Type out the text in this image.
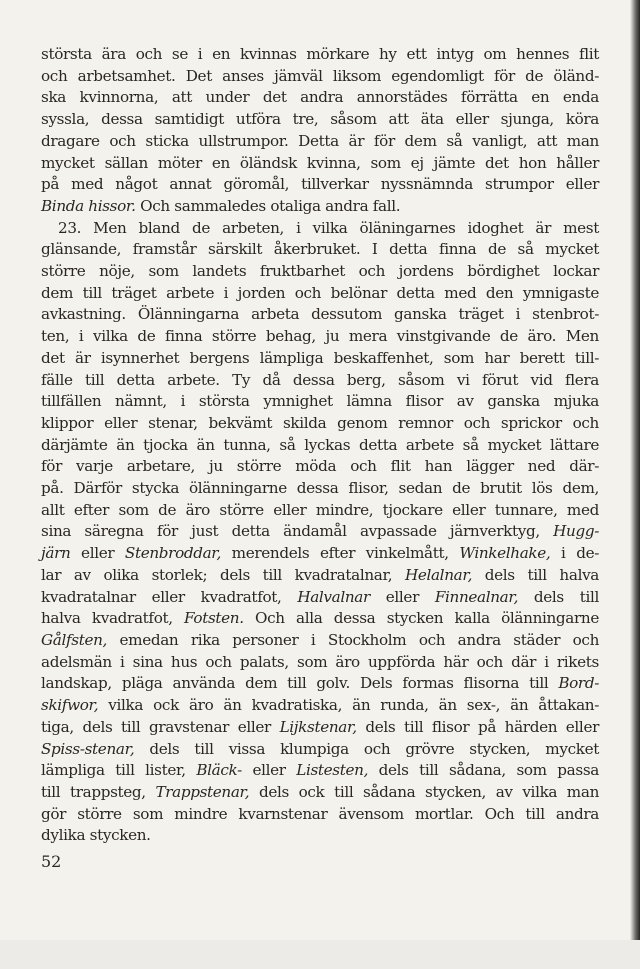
största ära och se i en kvinnas mörkare hy ett intyg om hennes flit
och arbetsamhet. Det anses jämväl liksom egendomligt för de öländ-
ska kvinnorna, att under det andra annorstädes förrätta en enda
syssla, dessa samtidigt utföra tre, såsom att äta eller sjunga, köra
dragare och sticka ullstrumpor. Detta är för dem så vanligt, att man
mycket sällan möter en öländsk kvinna, som ej jämte det hon håller
på med något annat göromål, tillverkar nyssnämnda strumpor eller
Binda hissor. Och sammaledes otaliga andra fall.
23. Men bland de arbeten, i vilka öläningarnes idoghet är mest
glänsande, framstår särskilt åkerbruket. I detta finna de så mycket
större nöje, som landets fruktbarhet och jordens bördighet lockar
dem till träget arbete i jorden och belönar detta med den ymnigaste
avkastning. Ölänningarna arbeta dessutom ganska träget i stenbrot-
ten, i vilka de finna större behag, ju mera vinstgivande de äro. Men
det är isynnerhet bergens lämpliga beskaffenhet, som har berett till-
fälle till detta arbete. Ty då dessa berg, såsom vi förut vid flera
tillfällen nämnt, i största ymnighet lämna flisor av ganska mjuka
klippor eller stenar, bekvämt skilda genom remnor och sprickor och
därjämte än tjocka än tunna, så lyckas detta arbete så mycket lättare
för varje arbetare, ju större möda och flit han lägger ned där-
på. Därför stycka ölänningarne dessa flisor, sedan de brutit lös dem,
allt efter som de äro större eller mindre, tjockare eller tunnare, med
sina säregna för just detta ändamål avpassade järnverktyg, Hugg-
järn eller Stenbroddar, merendels efter vinkelmått, Winkelhake, i de-
lar av olika storlek; dels till kvadratalnar, Helalnar, dels till halva
kvadratalnar eller kvadratfot, Halvalnar eller Finnealnar, dels till
halva kvadratfot, Fotsten. Och alla dessa stycken kalla ölänningarne
Gålfsten, emedan rika personer i Stockholm och andra städer och
adelsmän i sina hus och palats, som äro uppförda här och där i rikets
landskap, pläga använda dem till golv. Dels formas flisorna till Bord-
skifwor, vilka ock äro än kvadratiska, än runda, än sex-, än åttakan-
tiga, dels till gravstenar eller Lijkstenar, dels till flisor på härden eller
Spiss-stenar, dels till vissa klumpiga och grövre stycken, mycket
lämpliga till lister, Bläck- eller Listesten, dels till sådana, som passa
till trappsteg, Trappstenar, dels ock till sådana stycken, av vilka man
gör större som mindre kvarnstenar ävensom mortlar. Och till andra
dylika stycken.
52
